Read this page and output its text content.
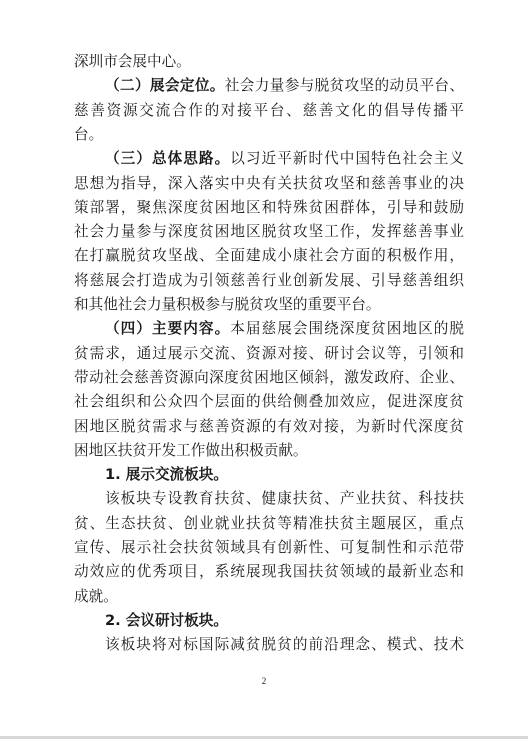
深圳市会展中心。
（二）展会定位。社会力量参与脱贫攻坚的动员平台、
慈善资源交流合作的对接平台、慈善文化的倡导传播平
台。
（三）总体思路。以习近平新时代中国特色社会主义
思想为指导，深入落实中央有关扶贫攻坚和慈善事业的决
策部署，聚焦深度贫困地区和特殊贫困群体，引导和鼓励
社会力量参与深度贫困地区脱贫攻坚工作，发挥慈善事业
在打赢脱贫攻坚战、全面建成小康社会方面的积极作用，
将慈展会打造成为引领慈善行业创新发展、引导慈善组织
和其他社会力量积极参与脱贫攻坚的重要平台。
（四）主要内容。本届慈展会围绕深度贫困地区的脱
贫需求，通过展示交流、资源对接、研讨会议等，引领和
带动社会慈善资源向深度贫困地区倾斜，激发政府、企业、
社会组织和公众四个层面的供给侧叠加效应，促进深度贫
困地区脱贫需求与慈善资源的有效对接，为新时代深度贫
困地区扶贫开发工作做出积极贡献。
1. 展示交流板块。
该板块专设教育扶贫、健康扶贫、产业扶贫、科技扶
贫、生态扶贫、创业就业扶贫等精准扶贫主题展区，重点
宣传、展示社会扶贫领域具有创新性、可复制性和示范带
动效应的优秀项目，系统展现我国扶贫领域的最新业态和
成就。
2. 会议研讨板块。
该板块将对标国际减贫脱贫的前沿理念、模式、技术
2
